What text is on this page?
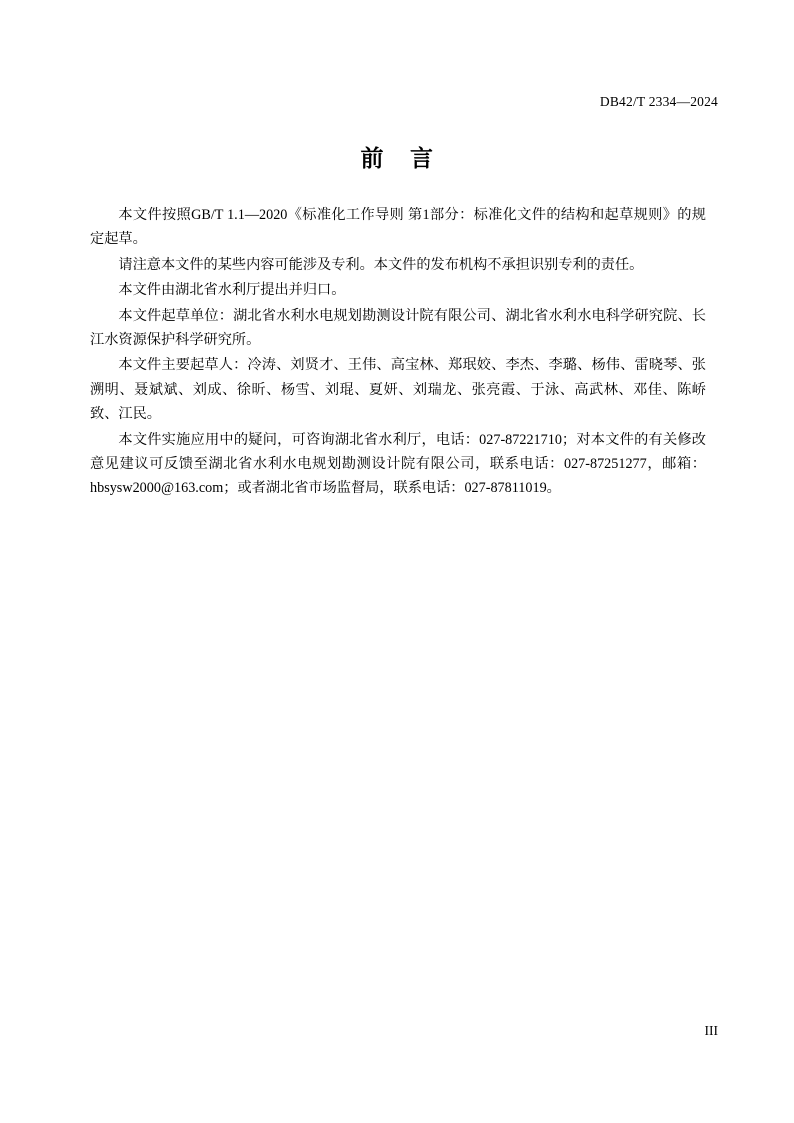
DB42/T 2334—2024
前 言

本文件按照GB/T 1.1—2020《标准化工作导则 第1部分：标准化文件的结构和起草规则》的规定起草。

请注意本文件的某些内容可能涉及专利。本文件的发布机构不承担识别专利的责任。

本文件由湖北省水利厅提出并归口。

本文件起草单位：湖北省水利水电规划勘测设计院有限公司、湖北省水利水电科学研究院、长江水资源保护科学研究所。

本文件主要起草人：冷涛、刘贤才、王伟、高宝林、郑珉姣、李杰、李璐、杨伟、雷晓琴、张溯明、聂斌斌、刘成、徐昕、杨雪、刘琨、夏妍、刘瑞龙、张亮霞、于泳、高武林、邓佳、陈峤致、江民。

本文件实施应用中的疑问，可咨询湖北省水利厅，电话：027-87221710；对本文件的有关修改意见建议可反馈至湖北省水利水电规划勘测设计院有限公司，联系电话：027-87251277，邮箱：hbsysw2000@163.com；或者湖北省市场监督局，联系电话：027-87811019。

III
